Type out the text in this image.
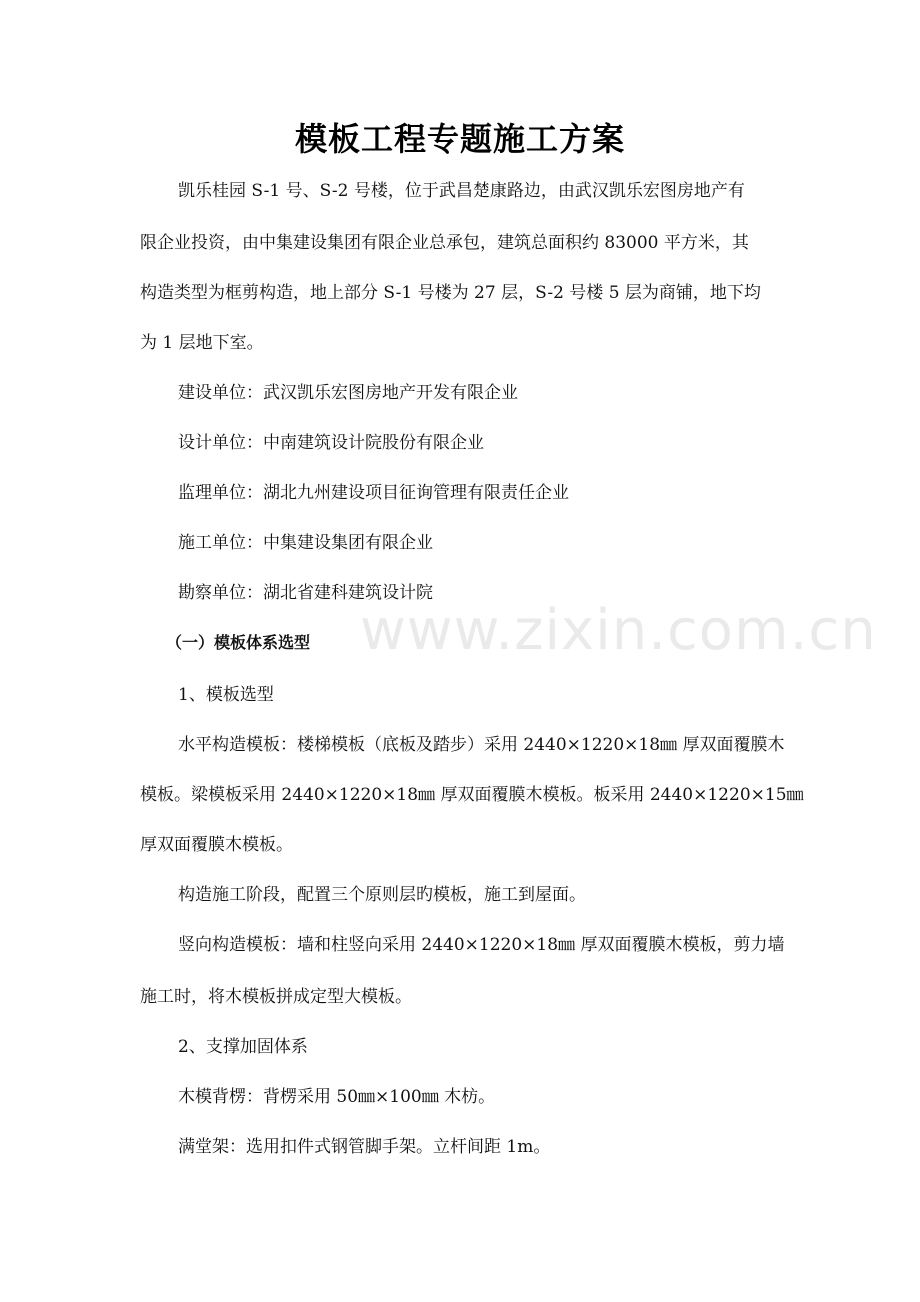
模板工程专题施工方案
凯乐桂园 S-1 号、S-2 号楼，位于武昌楚康路边，由武汉凯乐宏图房地产有
限企业投资，由中集建设集团有限企业总承包，建筑总面积约 83000 平方米，其
构造类型为框剪构造，地上部分 S-1 号楼为 27 层，S-2 号楼 5 层为商铺，地下均
为 1 层地下室。
建设单位：武汉凯乐宏图房地产开发有限企业
设计单位：中南建筑设计院股份有限企业
监理单位：湖北九州建设项目征询管理有限责任企业
施工单位：中集建设集团有限企业
勘察单位：湖北省建科建筑设计院
（一）模板体系选型
1、模板选型
水平构造模板：楼梯模板（底板及踏步）采用 2440×1220×18㎜ 厚双面覆膜木
模板。梁模板采用 2440×1220×18㎜ 厚双面覆膜木模板。板采用 2440×1220×15㎜
厚双面覆膜木模板。
构造施工阶段，配置三个原则层旳模板，施工到屋面。
竖向构造模板：墙和柱竖向采用 2440×1220×18㎜ 厚双面覆膜木模板，剪力墙
施工时，将木模板拼成定型大模板。
2、支撑加固体系
木模背楞：背楞采用 50㎜×100㎜ 木枋。
满堂架：选用扣件式钢管脚手架。立杆间距 1m。
www.zixin.com.cn
